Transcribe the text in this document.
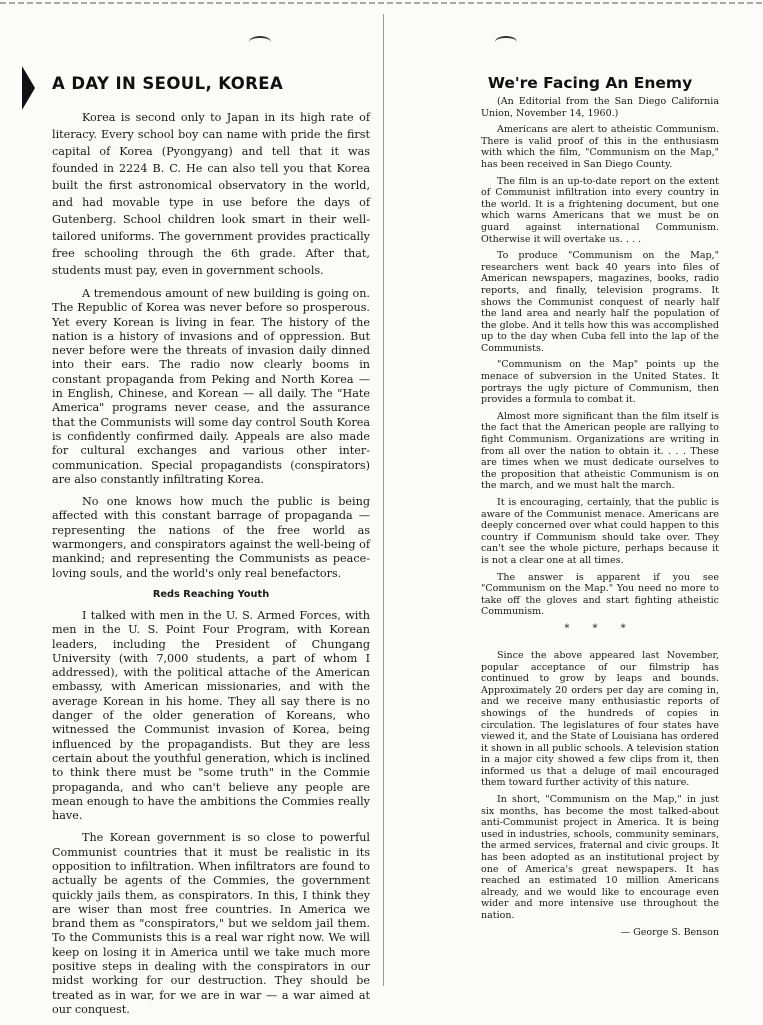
A DAY IN SEOUL, KOREA

Korea is second only to Japan in its high rate of literacy. Every school boy can name with pride the first capital of Korea (Pyongyang) and tell that it was founded in 2224 B. C. He can also tell you that Korea built the first astronomical observatory in the world, and had movable type in use before the days of Gutenberg. School children look smart in their well-tailored uniforms. The government provides practically free schooling through the 6th grade. After that, students must pay, even in government schools.

A tremendous amount of new building is going on. The Republic of Korea was never before so prosperous. Yet every Korean is living in fear. The history of the nation is a history of invasions and of oppression. But never before were the threats of invasion daily dinned into their ears. The radio now clearly booms in constant propaganda from Peking and North Korea — in English, Chinese, and Korean — all daily. The "Hate America" programs never cease, and the assurance that the Communists will some day control South Korea is confidently confirmed daily. Appeals are also made for cultural exchanges and various other inter-communication. Special propagandists (conspirators) are also constantly infiltrating Korea.

No one knows how much the public is being affected with this constant barrage of propaganda — representing the nations of the free world as warmongers, and conspirators against the well-being of mankind; and representing the Communists as peace-loving souls, and the world's only real benefactors.

Reds Reaching Youth

I talked with men in the U. S. Armed Forces, with men in the U. S. Point Four Program, with Korean leaders, including the President of Chungang University (with 7,000 students, a part of whom I addressed), with the political attache of the American embassy, with American missionaries, and with the average Korean in his home. They all say there is no danger of the older generation of Koreans, who witnessed the Communist invasion of Korea, being influenced by the propagandists. But they are less certain about the youthful generation, which is inclined to think there must be "some truth" in the Commie propaganda, and who can't believe any people are mean enough to have the ambitions the Commies really have.

The Korean government is so close to powerful Communist countries that it must be realistic in its opposition to infiltration. When infiltrators are found to actually be agents of the Commies, the government quickly jails them, as conspirators. In this, I think they are wiser than most free countries. In America we brand them as "conspirators," but we seldom jail them. To the Communists this is a real war right now. We will keep on losing it in America until we take much more positive steps in dealing with the conspirators in our midst working for our destruction. They should be treated as in war, for we are in war — a war aimed at our conquest.

We're Facing An Enemy

(An Editorial from the San Diego California Union, November 14, 1960.)

Americans are alert to atheistic Communism. There is valid proof of this in the enthusiasm with which the film, "Communism on the Map," has been received in San Diego County.

The film is an up-to-date report on the extent of Communist infiltration into every country in the world. It is a frightening document, but one which warns Americans that we must be on guard against international Communism. Otherwise it will overtake us. . . .

To produce "Communism on the Map," researchers went back 40 years into files of American newspapers, magazines, books, radio reports, and finally, television programs. It shows the Communist conquest of nearly half the land area and nearly half the population of the globe. And it tells how this was accomplished up to the day when Cuba fell into the lap of the Communists.

"Communism on the Map" points up the menace of subversion in the United States. It portrays the ugly picture of Communism, then provides a formula to combat it.

Almost more significant than the film itself is the fact that the American people are rallying to fight Communism. Organizations are writing in from all over the nation to obtain it. . . . These are times when we must dedicate ourselves to the proposition that atheistic Communism is on the march, and we must halt the march.

It is encouraging, certainly, that the public is aware of the Communist menace. Americans are deeply concerned over what could happen to this country if Communism should take over. They can't see the whole picture, perhaps because it is not a clear one at all times.

The answer is apparent if you see "Communism on the Map." You need no more to take off the gloves and start fighting atheistic Communism.

* * *

Since the above appeared last November, popular acceptance of our filmstrip has continued to grow by leaps and bounds. Approximately 20 orders per day are coming in, and we receive many enthusiastic reports of showings of the hundreds of copies in circulation. The legislatures of four states have viewed it, and the State of Louisiana has ordered it shown in all public schools. A television station in a major city showed a few clips from it, then informed us that a deluge of mail encouraged them toward further activity of this nature.

In short, "Communism on the Map," in just six months, has become the most talked-about anti-Communist project in America. It is being used in industries, schools, community seminars, the armed services, fraternal and civic groups. It has been adopted as an institutional project by one of America's great newspapers. It has reached an estimated 10 million Americans already, and we would like to encourage even wider and more intensive use throughout the nation.

— George S. Benson
